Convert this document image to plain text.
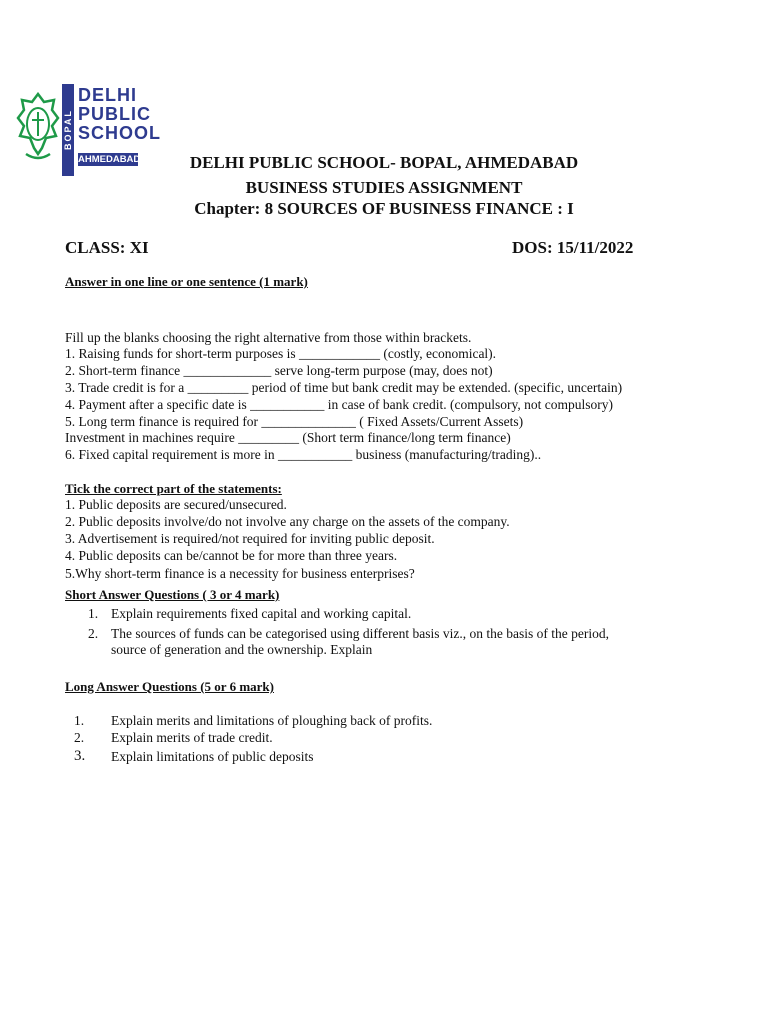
BOPAL
DELHI
PUBLIC
SCHOOL
AHMEDABAD	DELHI PUBLIC SCHOOL- BOPAL, AHMEDABAD
BUSINESS STUDIES ASSIGNMENT
Chapter: 8 SOURCES OF BUSINESS FINANCE : I
CLASS: XI	DOS: 15/11/2022
Answer in one line or one sentence (1 mark)
Fill up the blanks choosing the right alternative from those within brackets.
1. Raising funds for short-term purposes is ____________ (costly, economical).
2. Short-term finance _____________ serve long-term purpose (may, does not)
3. Trade credit is for a _________ period of time but bank credit may be extended. (specific, uncertain)
4. Payment after a specific date is ___________ in case of bank credit. (compulsory, not compulsory)
5. Long term finance is required for ______________ ( Fixed Assets/Current Assets)
Investment in machines require _________ (Short term finance/long term finance)
6. Fixed capital requirement is more in ___________ business (manufacturing/trading)..
Tick the correct part of the statements:
1. Public deposits are secured/unsecured.
2. Public deposits involve/do not involve any charge on the assets of the company.
3. Advertisement is required/not required for inviting public deposit.
4. Public deposits can be/cannot be for more than three years.
5.Why short-term finance is a necessity for business enterprises?
Short Answer Questions ( 3 or 4 mark)
1. Explain requirements fixed capital and working capital.
2. The sources of funds can be categorised using different basis viz., on the basis of the period,
source of generation and the ownership. Explain
Long Answer Questions (5 or 6 mark)
1. Explain merits and limitations of ploughing back of profits.
2. Explain merits of trade credit.
3. Explain limitations of public deposits
